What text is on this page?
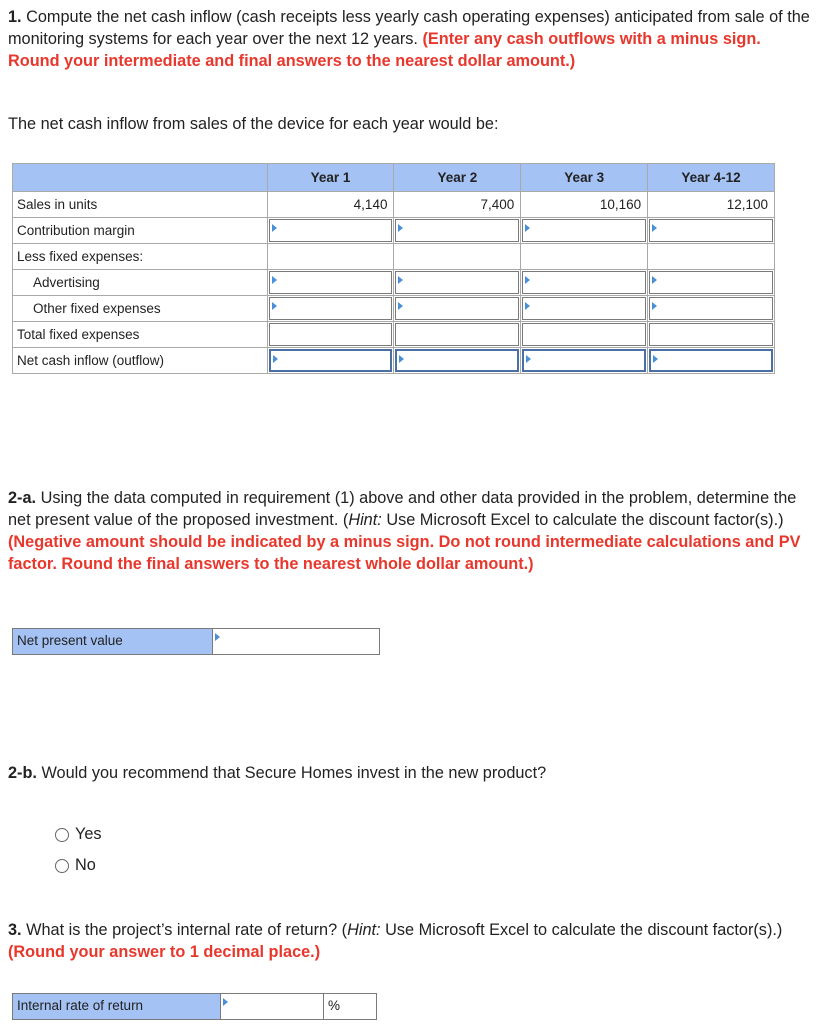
1. Compute the net cash inflow (cash receipts less yearly cash operating expenses) anticipated from sale of the monitoring systems for each year over the next 12 years. (Enter any cash outflows with a minus sign. Round your intermediate and final answers to the nearest dollar amount.)

The net cash inflow from sales of the device for each year would be:

	Year 1	Year 2	Year 3	Year 4-12
Sales in units	4,140	7,400	10,160	12,100
Contribution margin	

Less fixed expenses:				
Advertising	

Other fixed expenses	

Total fixed expenses	

Net cash inflow (outflow)	

2-a. Using the data computed in requirement (1) above and other data provided in the problem, determine the net present value of the proposed investment. (Hint: Use Microsoft Excel to calculate the discount factor(s).) (Negative amount should be indicated by a minus sign. Do not round intermediate calculations and PV factor. Round the final answers to the nearest whole dollar amount.)

Net present value

2-b. Would you recommend that Secure Homes invest in the new product?

Yes
No

3. What is the project’s internal rate of return? (Hint: Use Microsoft Excel to calculate the discount factor(s).) (Round your answer to 1 decimal place.)

Internal rate of return	%
